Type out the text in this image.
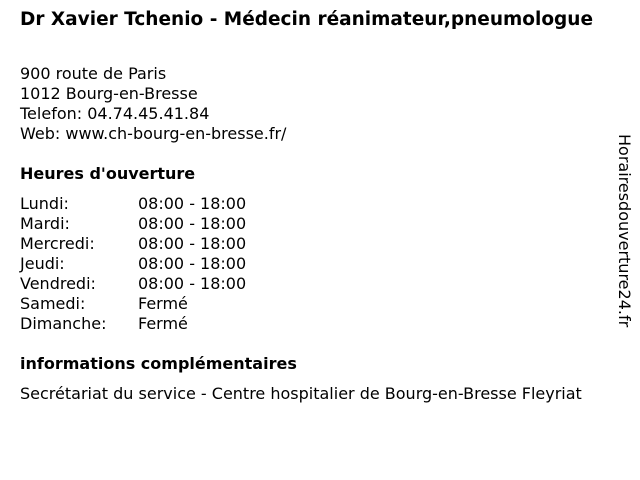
Dr Xavier Tchenio - Médecin réanimateur,pneumologue
900 route de Paris
1012 Bourg-en-Bresse
Telefon: 04.74.45.41.84
Web: www.ch-bourg-en-bresse.fr/
Heures d'ouverture
Lundi:	08:00 - 18:00
Mardi:	08:00 - 18:00
Mercredi:	08:00 - 18:00
Jeudi:	08:00 - 18:00
Vendredi:	08:00 - 18:00
Samedi:	Fermé
Dimanche:	Fermé
informations complémentaires
Secrétariat du service - Centre hospitalier de Bourg-en-Bresse Fleyriat
Horairesdouverture24.fr
